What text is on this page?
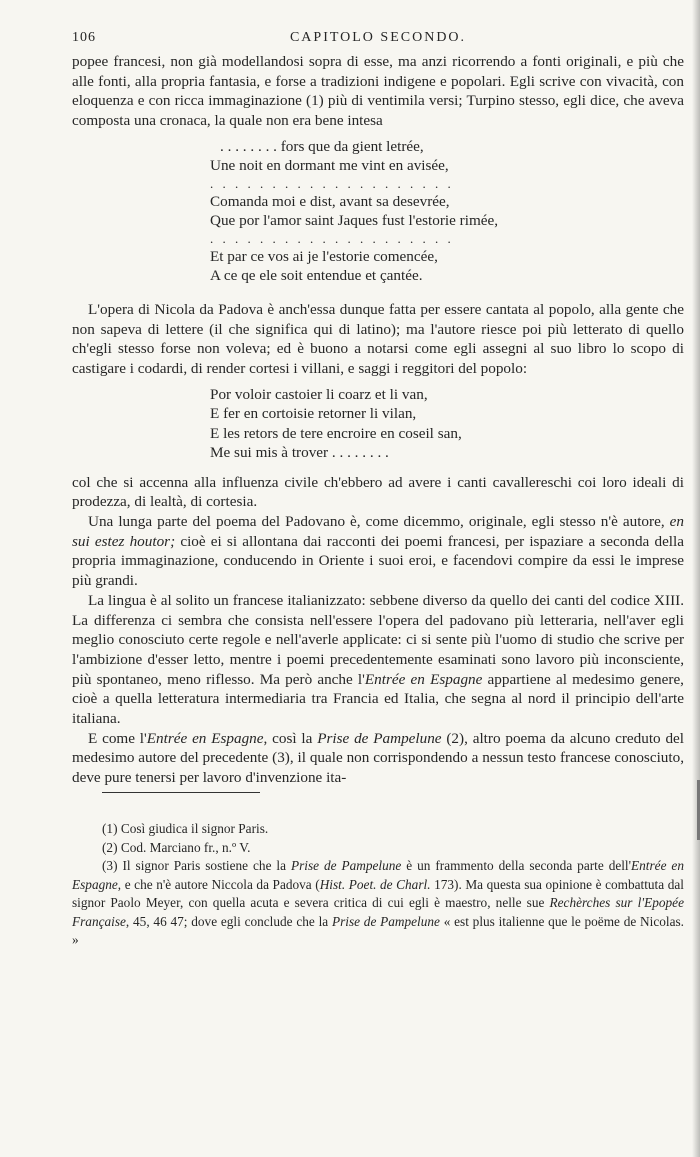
106	CAPITOLO SECONDO.

popee francesi, non già modellandosi sopra di esse, ma anzi ricorrendo a fonti originali, e più che alle fonti, alla propria fantasia, e forse a tradizioni indigene e popolari. Egli scrive con vivacità, con eloquenza e con ricca immaginazione (1) più di ventimila versi; Turpino stesso, egli dice, che aveva composta una cronaca, la quale non era bene intesa

. . . . . . . . fors que da gient letrée,
Une noit en dormant me vint en avisée,
. . . . . . . . . . . . . . . . . . . .
Comanda moi e dist, avant sa desevrée,
Que por l'amor saint Jaques fust l'estorie rimée,
. . . . . . . . . . . . . . . . . . . .
Et par ce vos ai je l'estorie comencée,
A ce qe ele soit entendue et çantée.

L'opera di Nicola da Padova è anch'essa dunque fatta per essere cantata al popolo, alla gente che non sapeva di lettere (il che significa qui di latino); ma l'autore riesce poi più letterato di quello ch'egli stesso forse non voleva; ed è buono a notarsi come egli assegni al suo libro lo scopo di castigare i codardi, di render cortesi i villani, e saggi i reggitori del popolo:

Por voloir castoier li coarz et li van,
E fer en cortoisie retorner li vilan,
E les retors de tere encroire en coseil san,
Me sui mis à trover . . . . . . . .

col che si accenna alla influenza civile ch'ebbero ad avere i canti cavallereschi coi loro ideali di prodezza, di lealtà, di cortesia.

Una lunga parte del poema del Padovano è, come dicemmo, originale, egli stesso n'è autore, en sui estez houtor; cioè ei si allontana dai racconti dei poemi francesi, per ispaziare a seconda della propria immaginazione, conducendo in Oriente i suoi eroi, e facendovi compire da essi le imprese più grandi.

La lingua è al solito un francese italianizzato: sebbene diverso da quello dei canti del codice XIII. La differenza ci sembra che consista nell'essere l'opera del padovano più letteraria, nell'aver egli meglio conosciuto certe regole e nell'averle applicate: ci si sente più l'uomo di studio che scrive per l'ambizione d'esser letto, mentre i poemi precedentemente esaminati sono lavoro più inconsciente, più spontaneo, meno riflesso. Ma però anche l'Entrée en Espagne appartiene al medesimo genere, cioè a quella letteratura intermediaria tra Francia ed Italia, che segna al nord il principio dell'arte italiana.

E come l'Entrée en Espagne, così la Prise de Pampelune (2), altro poema da alcuno creduto del medesimo autore del precedente (3), il quale non corrispondendo a nessun testo francese conosciuto, deve pure tenersi per lavoro d'invenzione ita-

(1) Così giudica il signor Paris.

(2) Cod. Marciano fr., n.º V.

(3) Il signor Paris sostiene che la Prise de Pampelune è un frammento della seconda parte dell'Entrée en Espagne, e che n'è autore Niccola da Padova (Hist. Poet. de Charl. 173). Ma questa sua opinione è combattuta dal signor Paolo Meyer, con quella acuta e severa critica di cui egli è maestro, nelle sue Rechèrches sur l'Epopée Française, 45, 46 47; dove egli conclude che la Prise de Pampelune « est plus italienne que le poëme de Nicolas. »
